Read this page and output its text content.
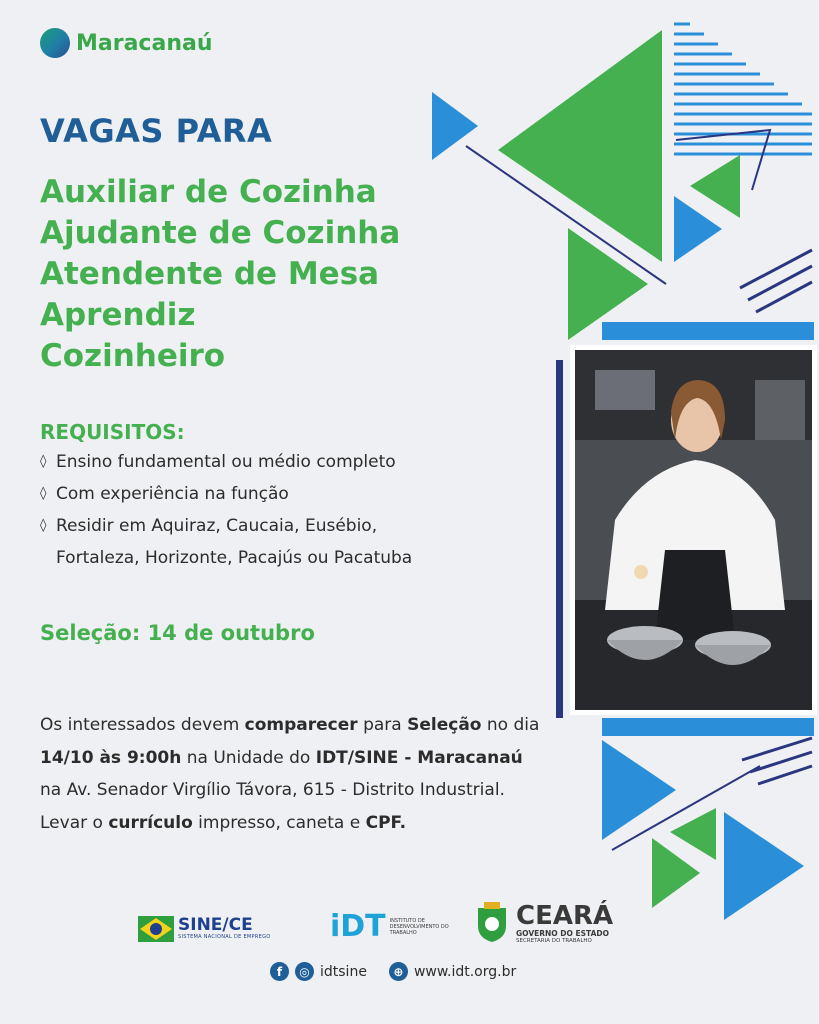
Maracanaú
VAGAS PARA
Auxiliar de Cozinha
Ajudante de Cozinha
Atendente de Mesa
Aprendiz
Cozinheiro
REQUISITOS:
◊ Ensino fundamental ou médio completo
◊ Com experiência na função
◊ Residir em Aquiraz, Caucaia, Eusébio,
Fortaleza, Horizonte, Pacajús ou Pacatuba
Seleção: 14 de outubro
Os interessados devem comparecer para Seleção no dia 14/10 às 9:00h na Unidade do IDT/SINE - Maracanaú na Av. Senador Virgílio Távora, 615 - Distrito Industrial. Levar o currículo impresso, caneta e CPF.
SINE/CE
SISTEMA NACIONAL DE EMPREGO iDT INSTITUTO DE DESENVOLVIMENTO DO TRABALHO
CEARÁ
GOVERNO DO ESTADO
SECRETARIA DO TRABALHO
f	◎ idtsine	⊕ www.idt.org.br
